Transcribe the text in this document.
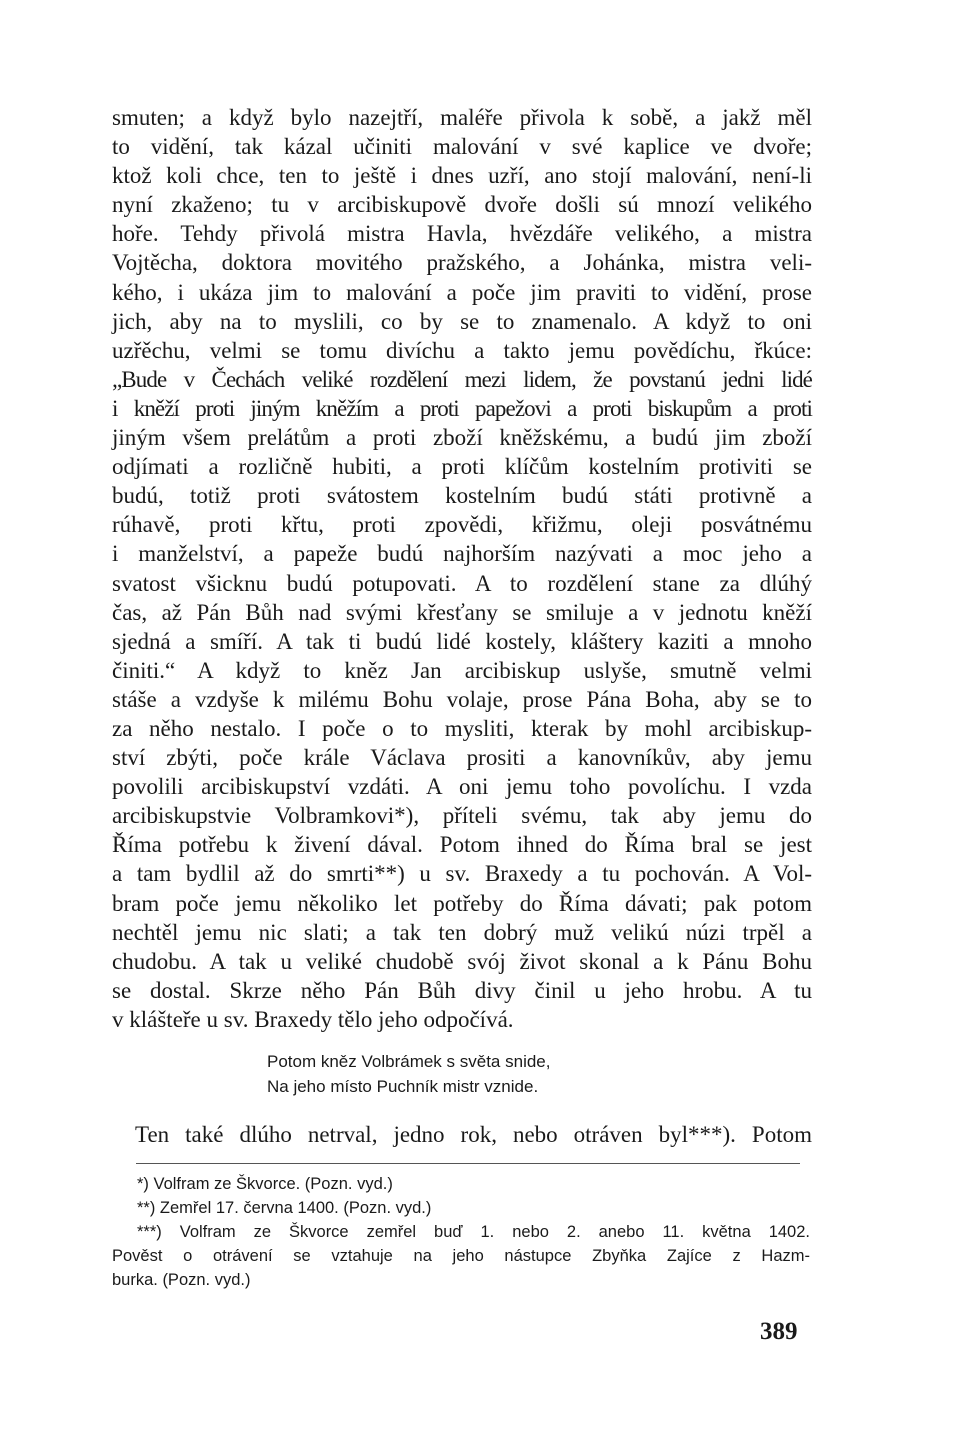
smuten; a když bylo nazejtří, maléře přivola k sobě, a jakž měl
to vidění, tak kázal učiniti malování v své kaplice ve dvoře;
ktož koli chce, ten to ještě i dnes uzří, ano stojí malování, není-li
nyní zkaženo; tu v arcibiskupově dvoře došli sú mnozí velikého
hoře. Tehdy přivolá mistra Havla, hvězdáře velikého, a mistra
Vojtěcha, doktora movitého pražského, a Johánka, mistra veli-
kého, i ukáza jim to malování a poče jim praviti to vidění, prose
jich, aby na to myslili, co by se to znamenalo. A když to oni
uzřěchu, velmi se tomu divíchu a takto jemu povědíchu, řkúce:
„Bude v Čechách veliké rozdělení mezi lidem, že povstanú jedni lidé
i kněží proti jiným kněžím a proti papežovi a proti biskupům a proti
jiným všem prelátům a proti zboží kněžskému, a budú jim zboží
odjímati a rozličně hubiti, a proti klíčům kostelním protiviti se
budú, totiž proti svátostem kostelním budú státi protivně a
rúhavě, proti křtu, proti zpovědi, křižmu, oleji posvátnému
i manželství, a papeže budú najhorším nazývati a moc jeho a
svatost všicknu budú potupovati. A to rozdělení stane za dlúhý
čas, až Pán Bůh nad svými křesťany se smiluje a v jednotu kněží
sjedná a smíří. A tak ti budú lidé kostely, kláštery kaziti a mnoho
činiti.“ A když to kněz Jan arcibiskup uslyše, smutně velmi
stáše a vzdyše k milému Bohu volaje, prose Pána Boha, aby se to
za něho nestalo. I poče o to mysliti, kterak by mohl arcibiskup-
ství zbýti, poče krále Václava prositi a kanovníkův, aby jemu
povolili arcibiskupství vzdáti. A oni jemu toho povolíchu. I vzda
arcibiskupstvie Volbramkovi*), příteli svému, tak aby jemu do
Říma potřebu k živení dával. Potom ihned do Říma bral se jest
a tam bydlil až do smrti**) u sv. Braxedy a tu pochován. A Vol-
bram poče jemu několiko let potřeby do Říma dávati; pak potom
nechtěl jemu nic slati; a tak ten dobrý muž velikú núzi trpěl a
chudobu. A tak u veliké chudobě svój život skonal a k Pánu Bohu
se dostal. Skrze něho Pán Bůh divy činil u jeho hrobu. A tu
v klášteře u sv. Braxedy tělo jeho odpočívá.
Potom kněz Volbrámek s světa snide,
Na jeho místo Puchník mistr vznide.
Ten také dlúho netrval, jedno rok, nebo otráven byl***). Potom
*) Volfram ze Škvorce. (Pozn. vyd.)
**) Zemřel 17. června 1400. (Pozn. vyd.)
***) Volfram ze Škvorce zemřel buď 1. nebo 2. anebo 11. května 1402.
Pověst o otrávení se vztahuje na jeho nástupce Zbyňka Zajíce z Hazm-
burka. (Pozn. vyd.)
389
